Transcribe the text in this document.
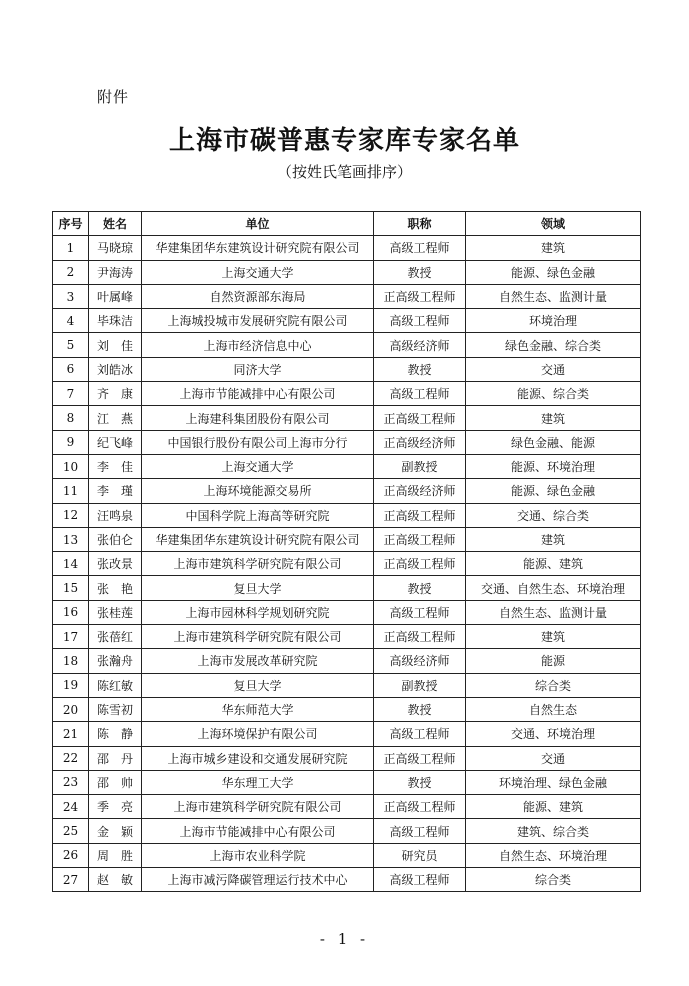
附件
上海市碳普惠专家库专家名单
（按姓氏笔画排序）
序号	姓名	单位	职称	领域
1	马晓琼	华建集团华东建筑设计研究院有限公司	高级工程师	建筑
2	尹海涛	上海交通大学	教授	能源、绿色金融
3	叶属峰	自然资源部东海局	正高级工程师	自然生态、监测计量
4	毕珠洁	上海城投城市发展研究院有限公司	高级工程师	环境治理
5	刘　佳	上海市经济信息中心	高级经济师	绿色金融、综合类
6	刘皓冰	同济大学	教授	交通
7	齐　康	上海市节能减排中心有限公司	高级工程师	能源、综合类
8	江　燕	上海建科集团股份有限公司	正高级工程师	建筑
9	纪飞峰	中国银行股份有限公司上海市分行	正高级经济师	绿色金融、能源
10	李　佳	上海交通大学	副教授	能源、环境治理
11	李　瑾	上海环境能源交易所	正高级经济师	能源、绿色金融
12	汪鸣泉	中国科学院上海高等研究院	正高级工程师	交通、综合类
13	张伯仑	华建集团华东建筑设计研究院有限公司	正高级工程师	建筑
14	张改景	上海市建筑科学研究院有限公司	正高级工程师	能源、建筑
15	张　艳	复旦大学	教授	交通、自然生态、环境治理
16	张桂莲	上海市园林科学规划研究院	高级工程师	自然生态、监测计量
17	张蓓红	上海市建筑科学研究院有限公司	正高级工程师	建筑
18	张瀚舟	上海市发展改革研究院	高级经济师	能源
19	陈红敏	复旦大学	副教授	综合类
20	陈雪初	华东师范大学	教授	自然生态
21	陈　静	上海环境保护有限公司	高级工程师	交通、环境治理
22	邵　丹	上海市城乡建设和交通发展研究院	正高级工程师	交通
23	邵　帅	华东理工大学	教授	环境治理、绿色金融
24	季　亮	上海市建筑科学研究院有限公司	正高级工程师	能源、建筑
25	金　颖	上海市节能减排中心有限公司	高级工程师	建筑、综合类
26	周　胜	上海市农业科学院	研究员	自然生态、环境治理
27	赵　敏	上海市减污降碳管理运行技术中心	高级工程师	综合类
- 1 -
